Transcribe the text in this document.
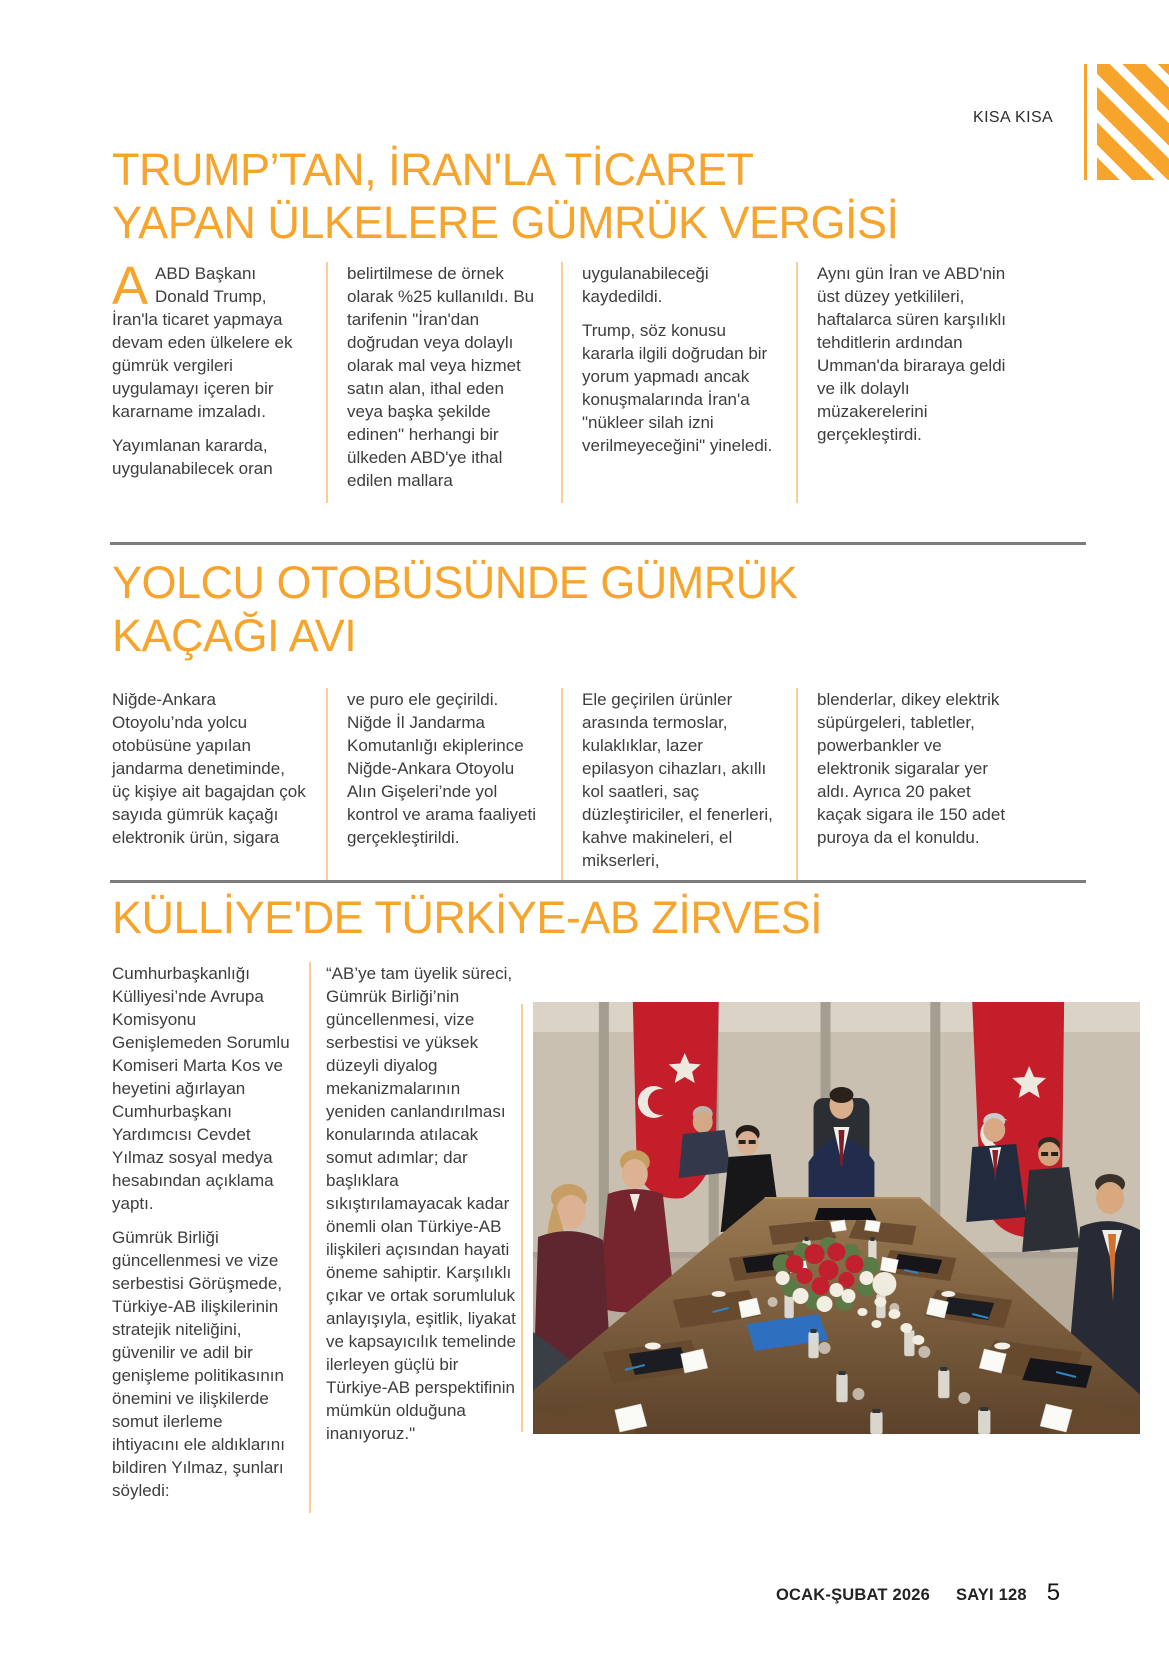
KISA KISA
TRUMP’TAN, İRAN'LA TİCARET
YAPAN ÜLKELERE GÜMRÜK VERGİSİ

AABD Başkanı Donald Trump, İran'la ticaret yapmaya devam eden ülkelere ek gümrük vergileri uygulamayı içeren bir kararname imzaladı.

Yayımlanan kararda, uygulanabilecek oran

belirtilmese de örnek olarak %25 kullanıldı. Bu tarifenin "İran'dan doğrudan veya dolaylı olarak mal veya hizmet satın alan, ithal eden veya başka şekilde edinen" herhangi bir ülkeden ABD'ye ithal edilen mallara

uygulanabileceği kaydedildi.

Trump, söz konusu kararla ilgili doğrudan bir yorum yapmadı ancak konuşmalarında İran'a "nükleer silah izni verilmeyeceğini" yineledi.

Aynı gün İran ve ABD'nin üst düzey yetkilileri, haftalarca süren karşılıklı tehditlerin ardından Umman'da biraraya geldi ve ilk dolaylı müzakerelerini gerçekleştirdi.

YOLCU OTOBÜSÜNDE GÜMRÜK
KAÇAĞI AVI

Niğde-Ankara Otoyolu’nda yolcu otobüsüne yapılan jandarma denetiminde, üç kişiye ait bagajdan çok sayıda gümrük kaçağı elektronik ürün, sigara

ve puro ele geçirildi. Niğde İl Jandarma Komutanlığı ekiplerince Niğde-Ankara Otoyolu Alın Gişeleri’nde yol kontrol ve arama faaliyeti gerçekleştirildi.

Ele geçirilen ürünler arasında termoslar, kulaklıklar, lazer epilasyon cihazları, akıllı kol saatleri, saç düzleştiriciler, el fenerleri, kahve makineleri, el mikserleri,

blenderlar, dikey elektrik süpürgeleri, tabletler, powerbankler ve elektronik sigaralar yer aldı. Ayrıca 20 paket kaçak sigara ile 150 adet puroya da el konuldu.

KÜLLİYE'DE TÜRKİYE-AB ZİRVESİ

Cumhurbaşkanlığı Külliyesi’nde Avrupa Komisyonu Genişlemeden Sorumlu Komiseri Marta Kos ve heyetini ağırlayan Cumhurbaşkanı Yardımcısı Cevdet Yılmaz sosyal medya hesabından açıklama yaptı.

Gümrük Birliği güncellenmesi ve vize serbestisi Görüşmede, Türkiye-AB ilişkilerinin stratejik niteliğini, güvenilir ve adil bir genişleme politikasının önemini ve ilişkilerde somut ilerleme ihtiyacını ele aldıklarını bildiren Yılmaz, şunları söyledi:

“AB’ye tam üyelik süreci, Gümrük Birliği’nin güncellenmesi, vize serbestisi ve yüksek düzeyli diyalog mekanizmalarının yeniden canlandırılması konularında atılacak somut adımlar; dar başlıklara sıkıştırılamayacak kadar önemli olan Türkiye-AB ilişkileri açısından hayati öneme sahiptir. Karşılıklı çıkar ve ortak sorumluluk anlayışıyla, eşitlik, liyakat ve kapsayıcılık temelinde ilerleyen güçlü bir Türkiye-AB perspektifinin mümkün olduğuna inanıyoruz."

OCAK-ŞUBAT 2026 SAYI 128 5
